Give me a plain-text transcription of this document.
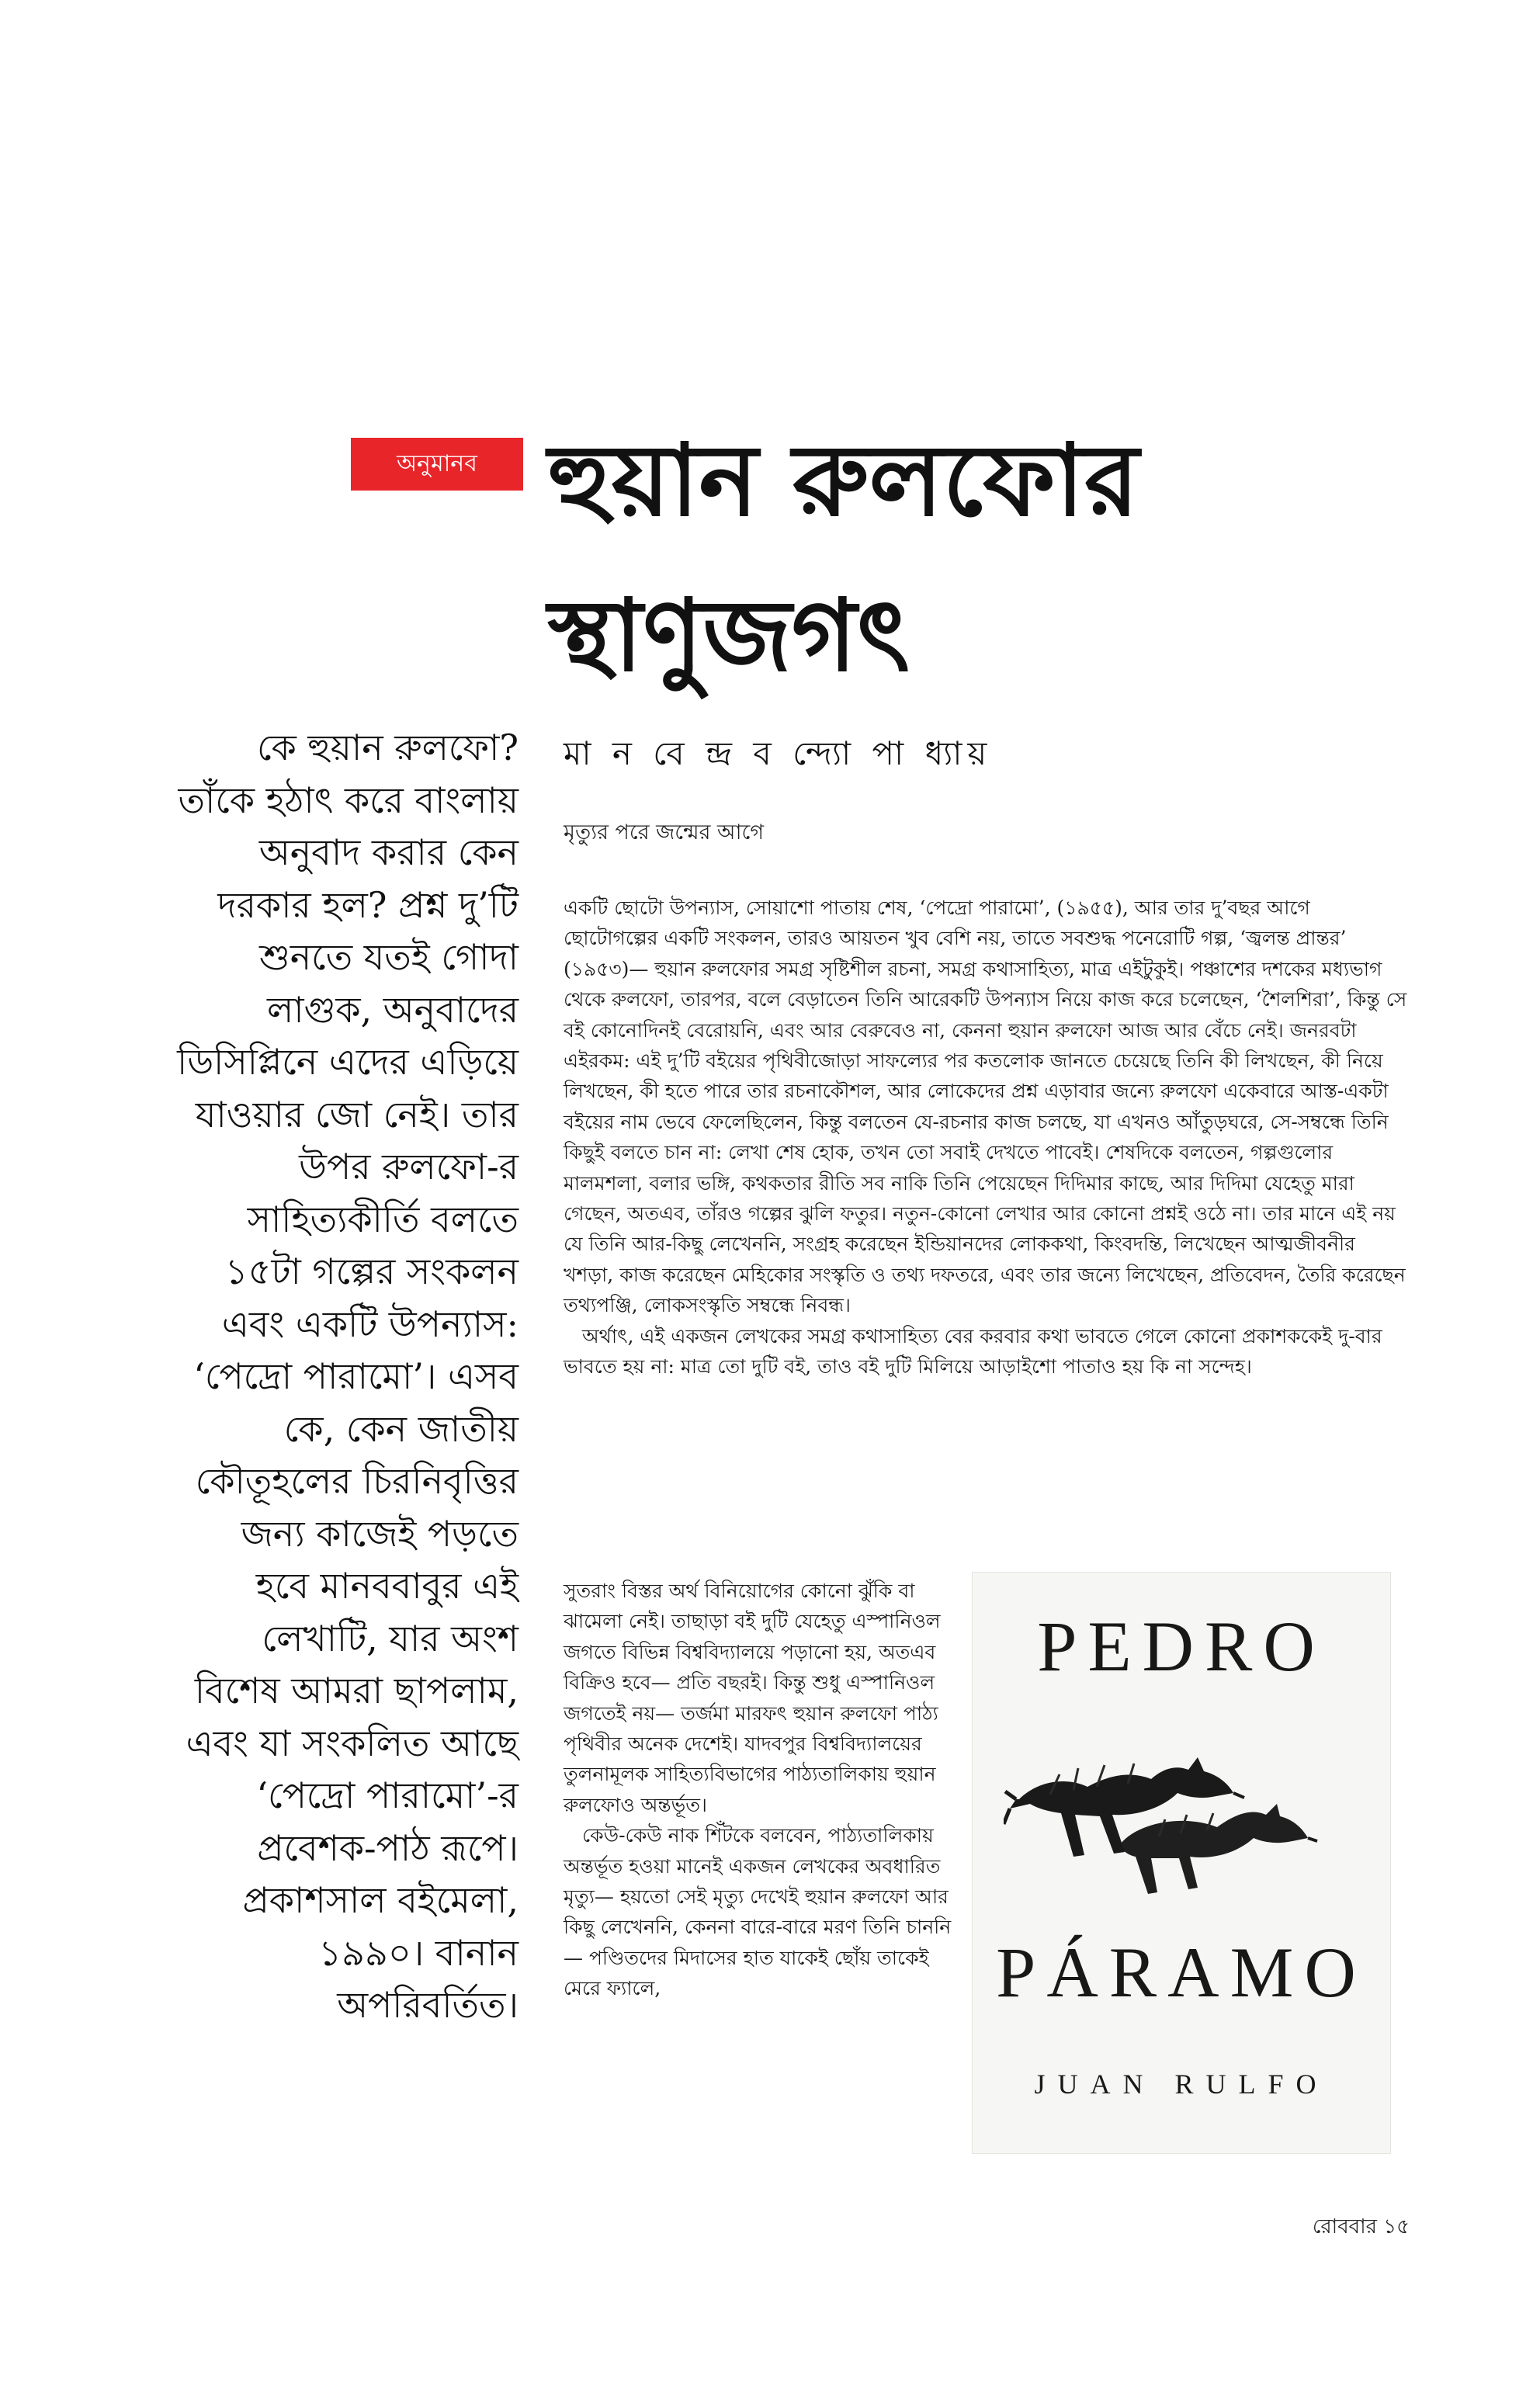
অনুমানব হুয়ান রুলফোর
স্থাণুজগৎ
কে হুয়ান রুলফো?
তাঁকে হঠাৎ করে বাংলায়
অনুবাদ করার কেন
দরকার হল? প্রশ্ন দু’টি
শুনতে যতই গোদা
লাগুক, অনুবাদের
ডিসিপ্লিনে এদের এড়িয়ে
যাওয়ার জো নেই। তার
উপর রুলফো-র
সাহিত্যকীর্তি বলতে
১৫টা গল্পের সংকলন
এবং একটি উপন্যাস:
‘পেদ্রো পারামো’। এসব
কে, কেন জাতীয়
কৌতূহলের চিরনিবৃত্তির
জন্য কাজেই পড়তে
হবে মানববাবুর এই
লেখাটি, যার অংশ
বিশেষ আমরা ছাপলাম,
এবং যা সংকলিত আছে
‘পেদ্রো পারামো’-র
প্রবেশক-পাঠ রূপে।
প্রকাশসাল বইমেলা,
১৯৯০। বানান
অপরিবর্তিত।
মা ন বে ন্দ্র ব ন্দ্যো পা ধ্যায়
মৃত্যুর পরে জন্মের আগে

একটি ছোটো উপন্যাস, সোয়াশো পাতায় শেষ, ‘পেদ্রো পারামো’, (১৯৫৫), আর তার দু’বছর আগে ছোটোগল্পের একটি সংকলন, তারও আয়তন খুব বেশি নয়, তাতে সবশুদ্ধ পনেরোটি গল্প, ‘জ্বলন্ত প্রান্তর’ (১৯৫৩)— হুয়ান রুলফোর সমগ্র সৃষ্টিশীল রচনা, সমগ্র কথাসাহিত্য, মাত্র এইটুকুই। পঞ্চাশের দশকের মধ্যভাগ থেকে রুলফো, তারপর, বলে বেড়াতেন তিনি আরেকটি উপন্যাস নিয়ে কাজ করে চলেছেন, ‘শৈলশিরা’, কিন্তু সে বই কোনোদিনই বেরোয়নি, এবং আর বেরুবেও না, কেননা হুয়ান রুলফো আজ আর বেঁচে নেই। জনরবটা এইরকম: এই দু’টি বইয়ের পৃথিবীজোড়া সাফল্যের পর কতলোক জানতে চেয়েছে তিনি কী লিখছেন, কী নিয়ে লিখছেন, কী হতে পারে তার রচনাকৌশল, আর লোকেদের প্রশ্ন এড়াবার জন্যে রুলফো একেবারে আস্ত-একটা বইয়ের নাম ভেবে ফেলেছিলেন, কিন্তু বলতেন যে-রচনার কাজ চলছে, যা এখনও আঁতুড়ঘরে, সে-সম্বন্ধে তিনি কিছুই বলতে চান না: লেখা শেষ হোক, তখন তো সবাই দেখতে পাবেই। শেষদিকে বলতেন, গল্পগুলোর মালমশলা, বলার ভঙ্গি, কথকতার রীতি সব নাকি তিনি পেয়েছেন দিদিমার কাছে, আর দিদিমা যেহেতু মারা গেছেন, অতএব, তাঁরও গল্পের ঝুলি ফতুর। নতুন-কোনো লেখার আর কোনো প্রশ্নই ওঠে না। তার মানে এই নয় যে তিনি আর-কিছু লেখেননি, সংগ্রহ করেছেন ইন্ডিয়ানদের লোককথা, কিংবদন্তি, লিখেছেন আত্মজীবনীর খশড়া, কাজ করেছেন মেহিকোর সংস্কৃতি ও তথ্য দফতরে, এবং তার জন্যে লিখেছেন, প্রতিবেদন, তৈরি করেছেন তথ্যপঞ্জি, লোকসংস্কৃতি সম্বন্ধে নিবন্ধ।

অর্থাৎ, এই একজন লেখকের সমগ্র কথাসাহিত্য বের করবার কথা ভাবতে গেলে কোনো প্রকাশককেই দু-বার ভাবতে হয় না: মাত্র তো দুটি বই, তাও বই দুটি মিলিয়ে আড়াইশো পাতাও হয় কি না সন্দেহ।

সুতরাং বিস্তর অর্থ বিনিয়োগের কোনো ঝুঁকি বা ঝামেলা নেই। তাছাড়া বই দুটি যেহেতু এস্পানিওল জগতে বিভিন্ন বিশ্ববিদ্যালয়ে পড়ানো হয়, অতএব বিক্রিও হবে— প্রতি বছরই। কিন্তু শুধু এস্পানিওল জগতেই নয়— তর্জমা মারফৎ হুয়ান রুলফো পাঠ্য পৃথিবীর অনেক দেশেই। যাদবপুর বিশ্ববিদ্যালয়ের তুলনামূলক সাহিত্যবিভাগের পাঠ্যতালিকায় হুয়ান রুলফোও অন্তর্ভূত।

কেউ-কেউ নাক শিঁটকে বলবেন, পাঠ্যতালিকায় অন্তর্ভূত হওয়া মানেই একজন লেখকের অবধারিত মৃত্যু— হয়তো সেই মৃত্যু দেখেই হুয়ান রুলফো আর কিছু লেখেননি, কেননা বারে-বারে মরণ তিনি চাননি— পণ্ডিতদের মিদাসের হাত যাকেই ছোঁয় তাকেই মেরে ফ্যালে,

PEDRO
PÁRAMO
JUAN RULFO
রোববার ১৫
